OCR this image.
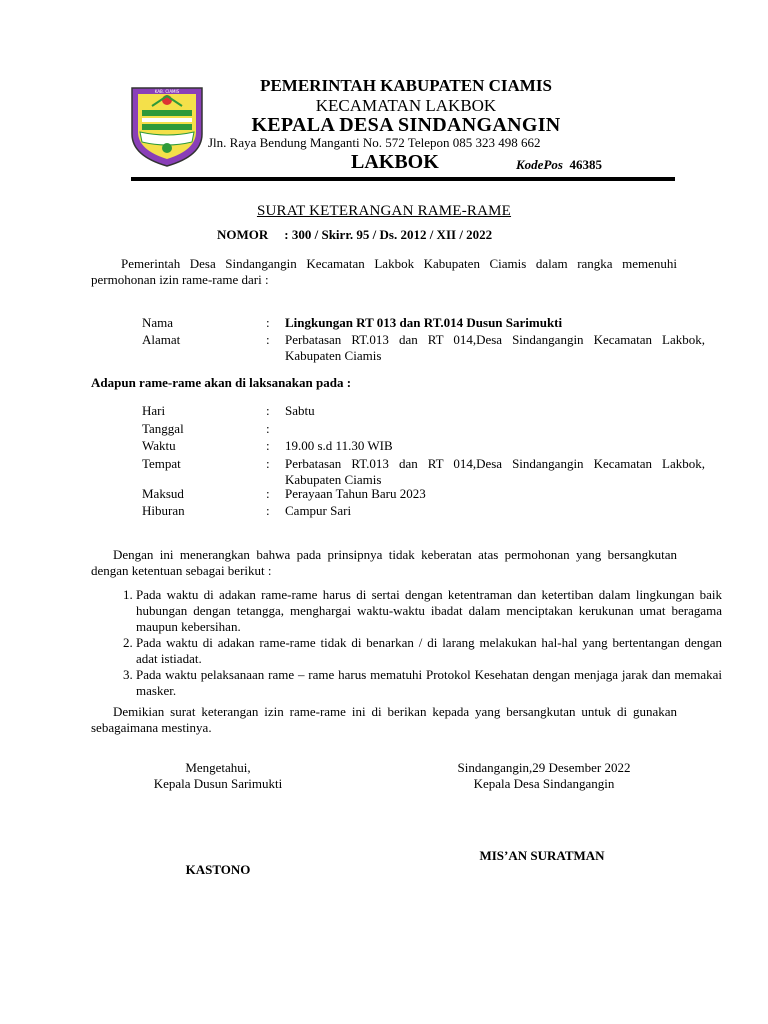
KAB. CIAMIS	PEMERINTAH KABUPATEN CIAMIS
KECAMATAN LAKBOK
KEPALA DESA SINDANGANGIN
Jln. Raya Bendung Manganti No. 572 Telepon 085 323 498 662
LAKBOK	KodePos 46385
SURAT KETERANGAN RAME-RAME
NOMOR : 300 / Skirr. 95 / Ds. 2012 / XII / 2022
Pemerintah Desa Sindangangin Kecamatan Lakbok Kabupaten Ciamis dalam rangka memenuhi permohonan izin rame-rame dari :
Nama	: Lingkungan RT 013 dan RT.014 Dusun Sarimukti
Alamat	: Perbatasan RT.013 dan RT 014,Desa Sindangangin Kecamatan Lakbok, Kabupaten Ciamis
Adapun rame-rame akan di laksanakan pada :
Hari	: Sabtu
Tanggal	:
Waktu	: 19.00 s.d 11.30 WIB
Tempat	: Perbatasan RT.013 dan RT 014,Desa Sindangangin Kecamatan Lakbok, Kabupaten Ciamis
Maksud	: Perayaan Tahun Baru 2023
Hiburan	: Campur Sari
Dengan ini menerangkan bahwa pada prinsipnya tidak keberatan atas permohonan yang bersangkutan dengan ketentuan sebagai berikut :
1. Pada waktu di adakan rame-rame harus di sertai dengan ketentraman dan ketertiban dalam lingkungan baik hubungan dengan tetangga, menghargai waktu-waktu ibadat dalam menciptakan kerukunan umat beragama maupun kebersihan.
2. Pada waktu di adakan rame-rame tidak di benarkan / di larang melakukan hal-hal yang bertentangan dengan adat istiadat.
3. Pada waktu pelaksanaan rame – rame harus mematuhi Protokol Kesehatan dengan menjaga jarak dan memakai masker.
Demikian surat keterangan izin rame-rame ini di berikan kepada yang bersangkutan untuk di gunakan sebagaimana mestinya.
Mengetahui,
Kepala Dusun Sarimukti
Sindangangin,29 Desember 2022
Kepala Desa Sindangangin
MIS’AN SURATMAN
KASTONO
